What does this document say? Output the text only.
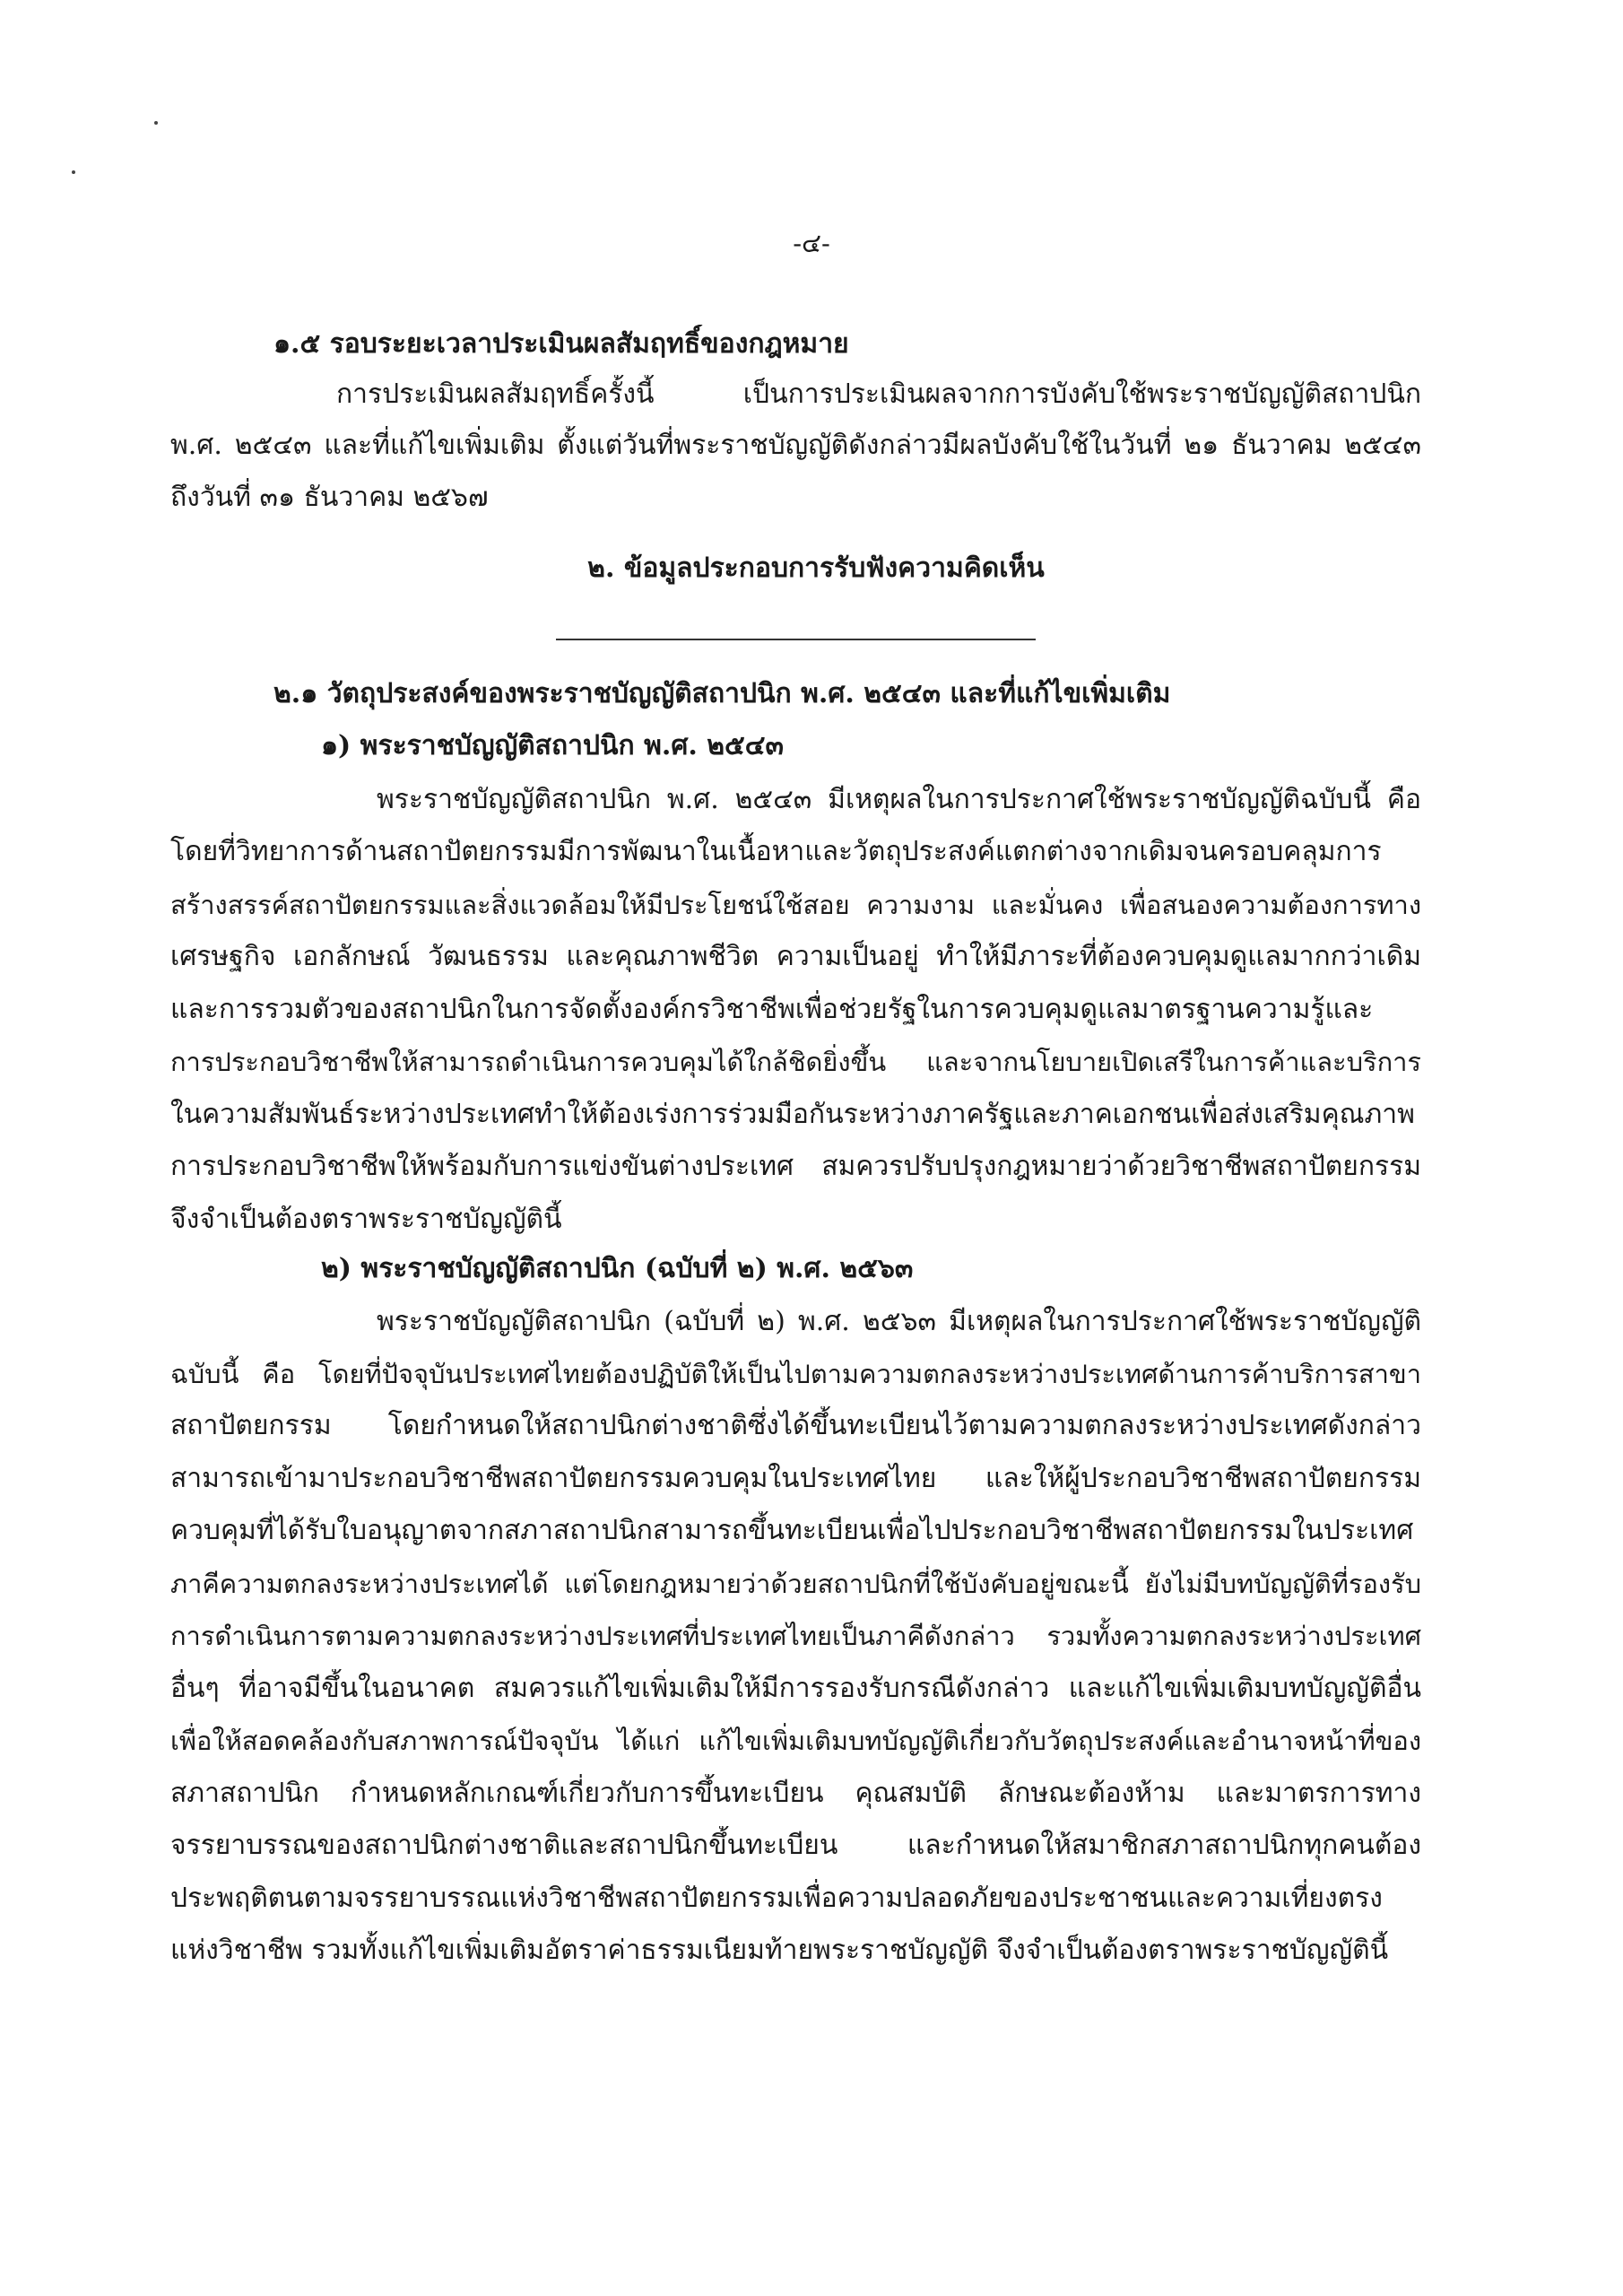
-๔-
๑.๕ รอบระยะเวลาประเมินผลสัมฤทธิ์ของกฎหมาย
การประเมินผลสัมฤทธิ์ครั้งนี้ เป็นการประเมินผลจากการบังคับใช้พระราชบัญญัติสถาปนิก
พ.ศ. ๒๕๔๓ และที่แก้ไขเพิ่มเติม ตั้งแต่วันที่พระราชบัญญัติดังกล่าวมีผลบังคับใช้ในวันที่ ๒๑ ธันวาคม ๒๕๔๓
ถึงวันที่ ๓๑ ธันวาคม ๒๕๖๗
๒. ข้อมูลประกอบการรับฟังความคิดเห็น
๒.๑ วัตถุประสงค์ของพระราชบัญญัติสถาปนิก พ.ศ. ๒๕๔๓ และที่แก้ไขเพิ่มเติม
๑) พระราชบัญญัติสถาปนิก พ.ศ. ๒๕๔๓
พระราชบัญญัติสถาปนิก พ.ศ. ๒๕๔๓ มีเหตุผลในการประกาศใช้พระราชบัญญัติฉบับนี้ คือ
โดยที่วิทยาการด้านสถาปัตยกรรมมีการพัฒนาในเนื้อหาและวัตถุประสงค์แตกต่างจากเดิมจนครอบคลุมการ
สร้างสรรค์สถาปัตยกรรมและสิ่งแวดล้อมให้มีประโยชน์ใช้สอย ความงาม และมั่นคง เพื่อสนองความต้องการทาง
เศรษฐกิจ เอกลักษณ์ วัฒนธรรม และคุณภาพชีวิต ความเป็นอยู่ ทำให้มีภาระที่ต้องควบคุมดูแลมากกว่าเดิม
และการรวมตัวของสถาปนิกในการจัดตั้งองค์กรวิชาชีพเพื่อช่วยรัฐในการควบคุมดูแลมาตรฐานความรู้และ
การประกอบวิชาชีพให้สามารถดำเนินการควบคุมได้ใกล้ชิดยิ่งขึ้น และจากนโยบายเปิดเสรีในการค้าและบริการ
ในความสัมพันธ์ระหว่างประเทศทำให้ต้องเร่งการร่วมมือกันระหว่างภาครัฐและภาคเอกชนเพื่อส่งเสริมคุณภาพ
การประกอบวิชาชีพให้พร้อมกับการแข่งขันต่างประเทศ สมควรปรับปรุงกฎหมายว่าด้วยวิชาชีพสถาปัตยกรรม
จึงจำเป็นต้องตราพระราชบัญญัตินี้
๒) พระราชบัญญัติสถาปนิก (ฉบับที่ ๒) พ.ศ. ๒๕๖๓
พระราชบัญญัติสถาปนิก (ฉบับที่ ๒) พ.ศ. ๒๕๖๓ มีเหตุผลในการประกาศใช้พระราชบัญญัติ
ฉบับนี้ คือ โดยที่ปัจจุบันประเทศไทยต้องปฏิบัติให้เป็นไปตามความตกลงระหว่างประเทศด้านการค้าบริการสาขา
สถาปัตยกรรม โดยกำหนดให้สถาปนิกต่างชาติซึ่งได้ขึ้นทะเบียนไว้ตามความตกลงระหว่างประเทศดังกล่าว
สามารถเข้ามาประกอบวิชาชีพสถาปัตยกรรมควบคุมในประเทศไทย และให้ผู้ประกอบวิชาชีพสถาปัตยกรรม
ควบคุมที่ได้รับใบอนุญาตจากสภาสถาปนิกสามารถขึ้นทะเบียนเพื่อไปประกอบวิชาชีพสถาปัตยกรรมในประเทศ
ภาคีความตกลงระหว่างประเทศได้ แต่โดยกฎหมายว่าด้วยสถาปนิกที่ใช้บังคับอยู่ขณะนี้ ยังไม่มีบทบัญญัติที่รองรับ
การดำเนินการตามความตกลงระหว่างประเทศที่ประเทศไทยเป็นภาคีดังกล่าว รวมทั้งความตกลงระหว่างประเทศ
อื่นๆ ที่อาจมีขึ้นในอนาคต สมควรแก้ไขเพิ่มเติมให้มีการรองรับกรณีดังกล่าว และแก้ไขเพิ่มเติมบทบัญญัติอื่น
เพื่อให้สอดคล้องกับสภาพการณ์ปัจจุบัน ได้แก่ แก้ไขเพิ่มเติมบทบัญญัติเกี่ยวกับวัตถุประสงค์และอำนาจหน้าที่ของ
สภาสถาปนิก กำหนดหลักเกณฑ์เกี่ยวกับการขึ้นทะเบียน คุณสมบัติ ลักษณะต้องห้าม และมาตรการทาง
จรรยาบรรณของสถาปนิกต่างชาติและสถาปนิกขึ้นทะเบียน และกำหนดให้สมาชิกสภาสถาปนิกทุกคนต้อง
ประพฤติตนตามจรรยาบรรณแห่งวิชาชีพสถาปัตยกรรมเพื่อความปลอดภัยของประชาชนและความเที่ยงตรง
แห่งวิชาชีพ รวมทั้งแก้ไขเพิ่มเติมอัตราค่าธรรมเนียมท้ายพระราชบัญญัติ จึงจำเป็นต้องตราพระราชบัญญัตินี้
